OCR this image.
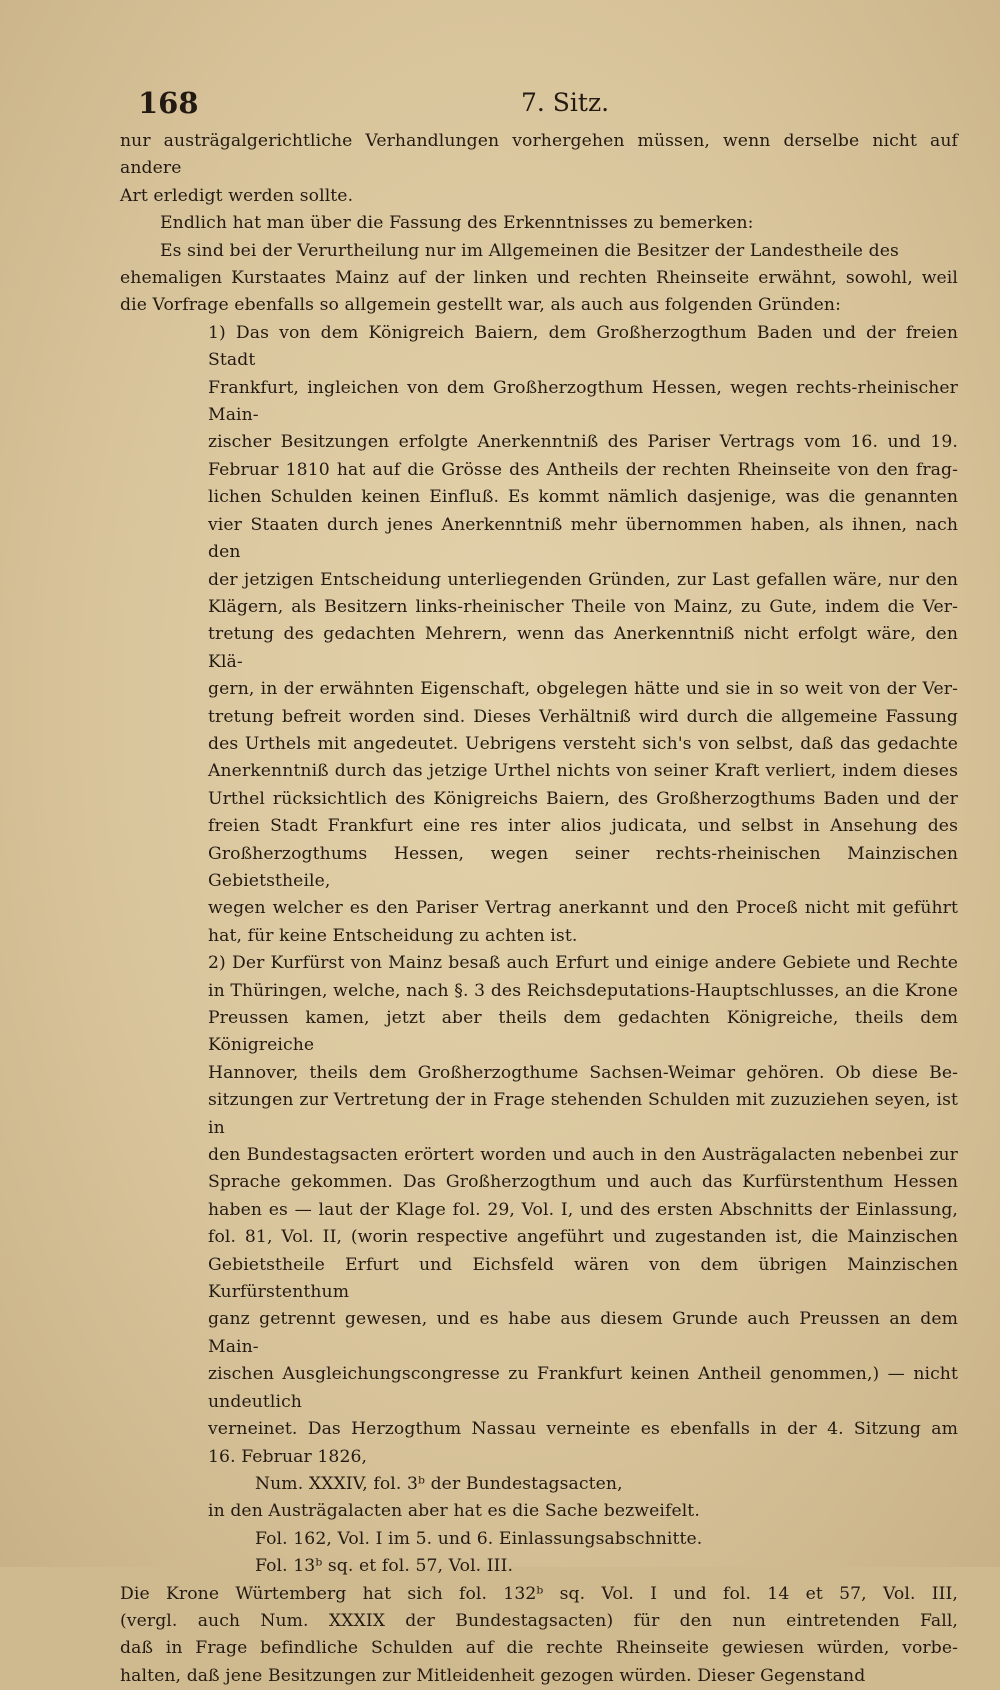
168	7. Sitz.

nur austrägalgerichtliche Verhandlungen vorhergehen müssen, wenn derselbe nicht auf andere

Art erledigt werden sollte.

Endlich hat man über die Fassung des Erkenntnisses zu bemerken:

Es sind bei der Verurtheilung nur im Allgemeinen die Besitzer der Landestheile des

ehemaligen Kurstaates Mainz auf der linken und rechten Rheinseite erwähnt, sowohl, weil

die Vorfrage ebenfalls so allgemein gestellt war, als auch aus folgenden Gründen:

1) Das von dem Königreich Baiern, dem Großherzogthum Baden und der freien Stadt

Frankfurt, ingleichen von dem Großherzogthum Hessen, wegen rechts-rheinischer Main-

zischer Besitzungen erfolgte Anerkenntniß des Pariser Vertrags vom 16. und 19.

Februar 1810 hat auf die Grösse des Antheils der rechten Rheinseite von den frag-

lichen Schulden keinen Einfluß. Es kommt nämlich dasjenige, was die genannten

vier Staaten durch jenes Anerkenntniß mehr übernommen haben, als ihnen, nach den

der jetzigen Entscheidung unterliegenden Gründen, zur Last gefallen wäre, nur den

Klägern, als Besitzern links-rheinischer Theile von Mainz, zu Gute, indem die Ver-

tretung des gedachten Mehrern, wenn das Anerkenntniß nicht erfolgt wäre, den Klä-

gern, in der erwähnten Eigenschaft, obgelegen hätte und sie in so weit von der Ver-

tretung befreit worden sind. Dieses Verhältniß wird durch die allgemeine Fassung

des Urthels mit angedeutet. Uebrigens versteht sich's von selbst, daß das gedachte

Anerkenntniß durch das jetzige Urthel nichts von seiner Kraft verliert, indem dieses

Urthel rücksichtlich des Königreichs Baiern, des Großherzogthums Baden und der

freien Stadt Frankfurt eine res inter alios judicata, und selbst in Ansehung des

Großherzogthums Hessen, wegen seiner rechts-rheinischen Mainzischen Gebietstheile,

wegen welcher es den Pariser Vertrag anerkannt und den Proceß nicht mit geführt

hat, für keine Entscheidung zu achten ist.

2) Der Kurfürst von Mainz besaß auch Erfurt und einige andere Gebiete und Rechte

in Thüringen, welche, nach §. 3 des Reichsdeputations-Hauptschlusses, an die Krone

Preussen kamen, jetzt aber theils dem gedachten Königreiche, theils dem Königreiche

Hannover, theils dem Großherzogthume Sachsen-Weimar gehören. Ob diese Be-

sitzungen zur Vertretung der in Frage stehenden Schulden mit zuzuziehen seyen, ist in

den Bundestagsacten erörtert worden und auch in den Austrägalacten nebenbei zur

Sprache gekommen. Das Großherzogthum und auch das Kurfürstenthum Hessen

haben es — laut der Klage fol. 29, Vol. I, und des ersten Abschnitts der Einlassung,

fol. 81, Vol. II, (worin respective angeführt und zugestanden ist, die Mainzischen

Gebietstheile Erfurt und Eichsfeld wären von dem übrigen Mainzischen Kurfürstenthum

ganz getrennt gewesen, und es habe aus diesem Grunde auch Preussen an dem Main-

zischen Ausgleichungscongresse zu Frankfurt keinen Antheil genommen,) — nicht undeutlich

verneinet. Das Herzogthum Nassau verneinte es ebenfalls in der 4. Sitzung am

16. Februar 1826,

Num. XXXIV, fol. 3ᵇ der Bundestagsacten,

in den Austrägalacten aber hat es die Sache bezweifelt.

Fol. 162, Vol. I im 5. und 6. Einlassungsabschnitte.

Fol. 13ᵇ sq. et fol. 57, Vol. III.

Die Krone Würtemberg hat sich fol. 132ᵇ sq. Vol. I und fol. 14 et 57, Vol. III,

(vergl. auch Num. XXXIX der Bundestagsacten) für den nun eintretenden Fall,

daß in Frage befindliche Schulden auf die rechte Rheinseite gewiesen würden, vorbe-

halten, daß jene Besitzungen zur Mitleidenheit gezogen würden. Dieser Gegenstand
